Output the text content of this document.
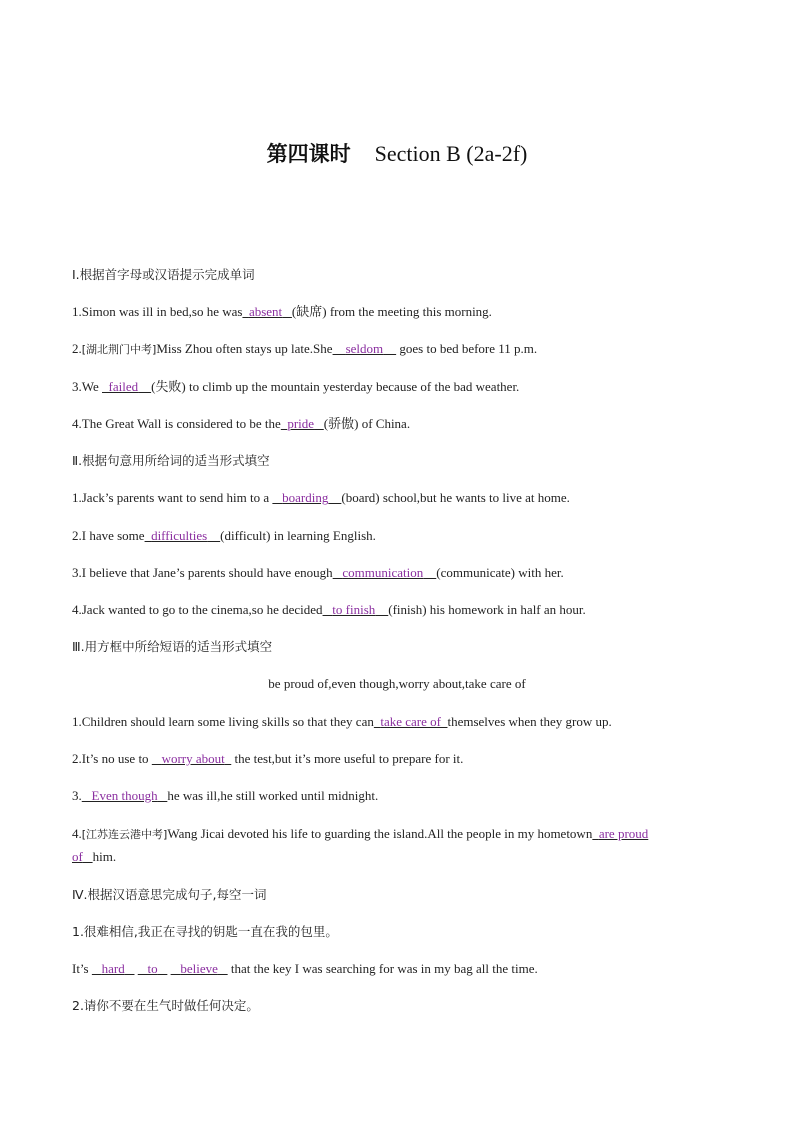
第四课时 Section B (2a-2f)
Ⅰ.根据首字母或汉语提示完成单词
1.Simon was ill in bed,so he was absent (缺席) from the meeting this morning.
2.[湖北荆门中考]Miss Zhou often stays up late.She seldom     goes to bed before 11 p.m.
3.We   failed (失败) to climb up the mountain yesterday because of the bad weather.
4.The Great Wall is considered to be the pride (骄傲) of China.
Ⅱ.根据句意用所给词的适当形式填空
1.Jack’s parents want to send him to a    boarding (board) school,but he wants to live at home.
2.I have some difficulties (difficult) in learning English.
3.I believe that Jane’s parents should have enough communication (communicate) with her.
4.Jack wanted to go to the cinema,so he decided to finish (finish) his homework in half an hour.
Ⅲ.用方框中所给短语的适当形式填空
be proud of,even though,worry about,take care of
1.Children should learn some living skills so that they can take care of themselves when they grow up.
2.It’s no use to    worry about   the test,but it’s more useful to prepare for it.
3. Even though he was ill,he still worked until midnight.
4.[江苏连云港中考]Wang Jicai devoted his life to guarding the island.All the people in my hometown are proud
of him.
Ⅳ.根据汉语意思完成句子,每空一词
1.很难相信,我正在寻找的钥匙一直在我的包里。
It’s    hard to believe    that the key I was searching for was in my bag all the time.
2.请你不要在生气时做任何决定。
